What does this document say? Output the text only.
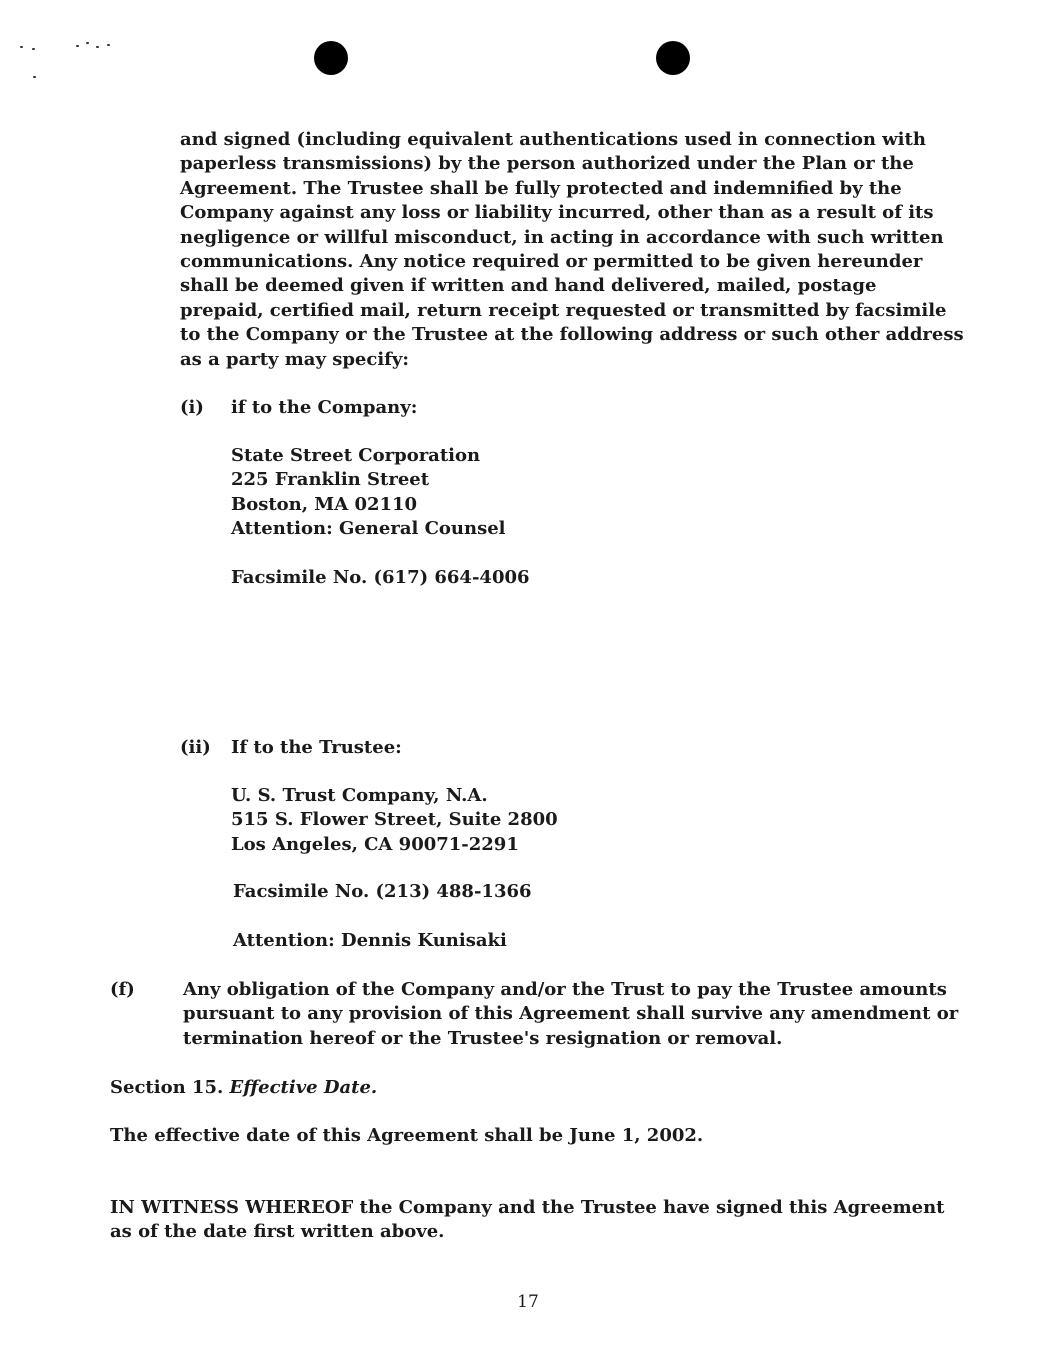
and signed (including equivalent authentications used in connection with
paperless transmissions) by the person authorized under the Plan or the
Agreement. The Trustee shall be fully protected and indemnified by the
Company against any loss or liability incurred, other than as a result of its
negligence or willful misconduct, in acting in accordance with such written
communications. Any notice required or permitted to be given hereunder
shall be deemed given if written and hand delivered, mailed, postage
prepaid, certified mail, return receipt requested or transmitted by facsimile
to the Company or the Trustee at the following address or such other address
as a party may specify:

(i) if to the Company:
State Street Corporation
225 Franklin Street
Boston, MA 02110
Attention: General Counsel
Facsimile No. (617) 664-4006
(ii) If to the Trustee:
U. S. Trust Company, N.A.
515 S. Flower Street, Suite 2800
Los Angeles, CA 90071-2291
Facsimile No. (213) 488-1366
Attention: Dennis Kunisaki
(f)	Any obligation of the Company and/or the Trust to pay the Trustee amounts
pursuant to any provision of this Agreement shall survive any amendment or
termination hereof or the Trustee's resignation or removal.
Section 15. Effective Date.
The effective date of this Agreement shall be June 1, 2002.
IN WITNESS WHEREOF the Company and the Trustee have signed this Agreement
as of the date first written above.
17
